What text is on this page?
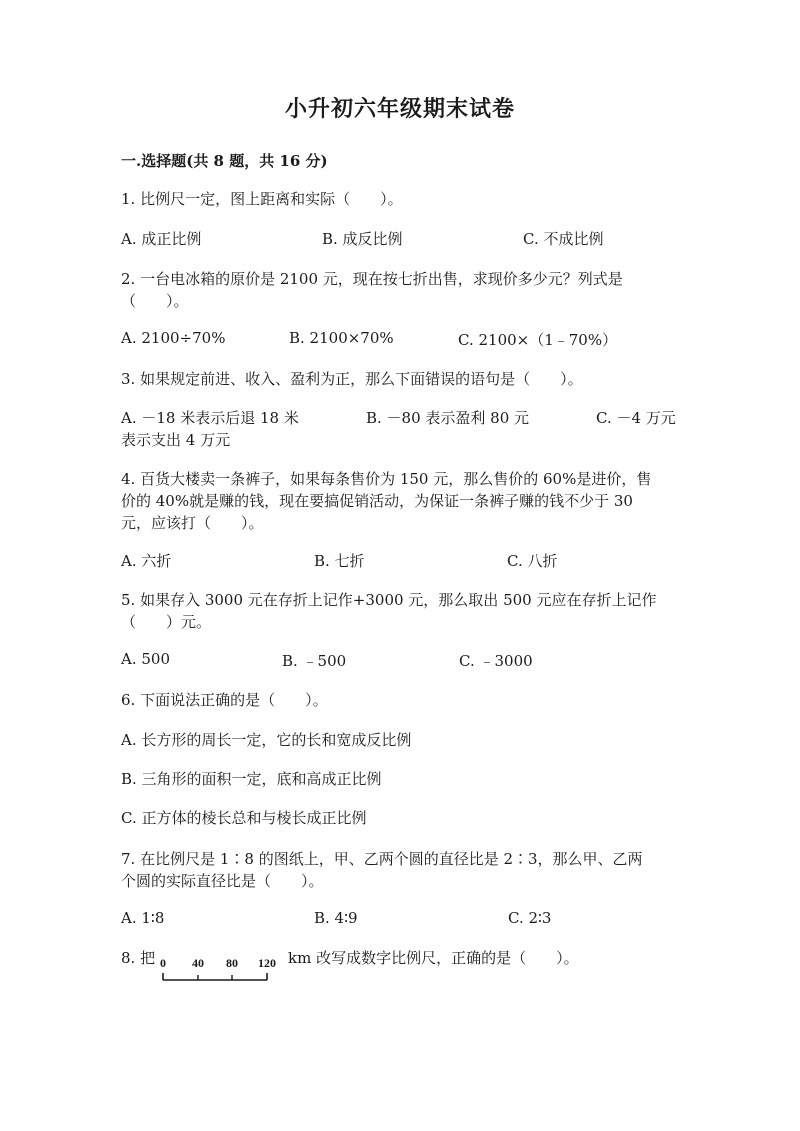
小升初六年级期末试卷
一.选择题(共 8 题，共 16 分)
1. 比例尺一定，图上距离和实际（　　）。
A. 成正比例	B. 成反比例	C. 不成比例
2. 一台电冰箱的原价是 2100 元，现在按七折出售，求现价多少元？列式是
（　　）。
A. 2100÷70%	B. 2100×70%	C. 2100×（1﹣70%）
3. 如果规定前进、收入、盈利为正，那么下面错误的语句是（　　）。
A. －18 米表示后退 18 米	B. －80 表示盈利 80 元	C. －4 万元
表示支出 4 万元
4. 百货大楼卖一条裤子，如果每条售价为 150 元，那么售价的 60%是进价，售
价的 40%就是赚的钱，现在要搞促销活动，为保证一条裤子赚的钱不少于 30
元，应该打（　　）。
A. 六折	B. 七折	C. 八折
5. 如果存入 3000 元在存折上记作+3000 元，那么取出 500 元应在存折上记作
（　　）元。
A. 500	B. ﹣500	C. ﹣3000
6. 下面说法正确的是（　　）。
A. 长方形的周长一定，它的长和宽成反比例
B. 三角形的面积一定，底和高成正比例
C. 正方体的棱长总和与棱长成正比例
7. 在比例尺是 1∶8 的图纸上，甲、乙两个圆的直径比是 2∶3，那么甲、乙两
个圆的实际直径比是（　　）。
A. 1∶8	B. 4∶9	C. 2∶3
8. 把 0 40 80 120 km 改写成数字比例尺，正确的是（　　）。
